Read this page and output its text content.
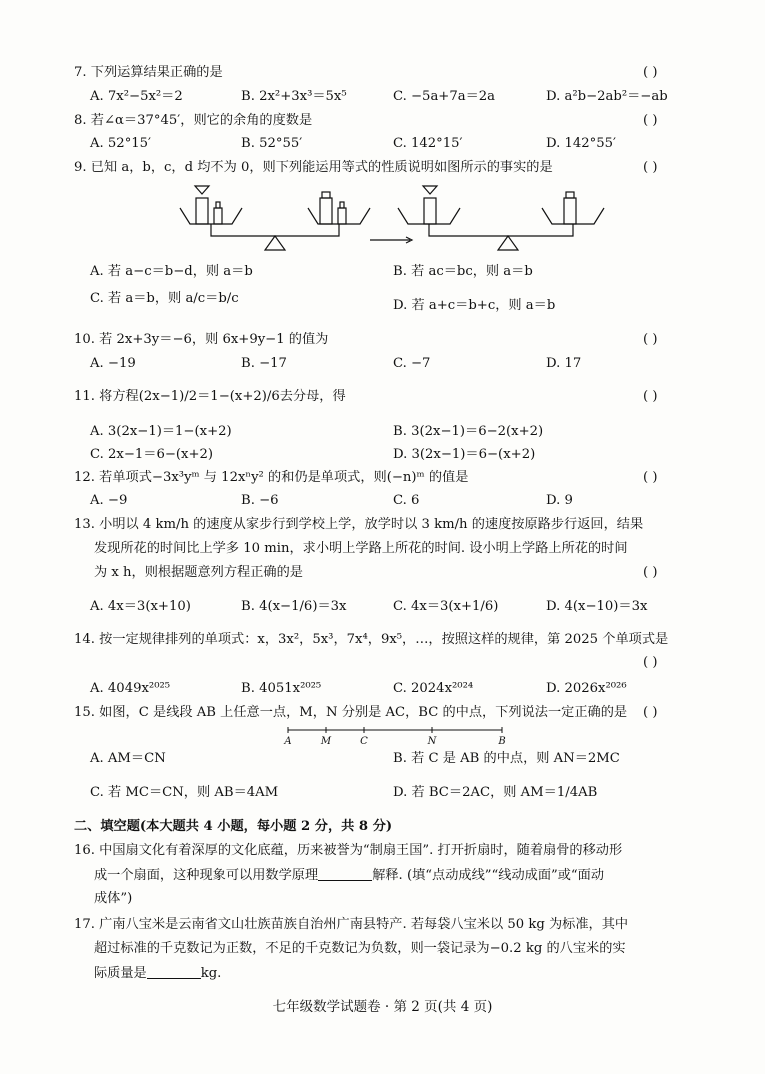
7. 下列运算结果正确的是	( )
A. 7x²−5x²＝2	B. 2x²+3x³＝5x⁵	C. −5a+7a＝2a	D. a²b−2ab²＝−ab
8. 若∠α＝37°45′，则它的余角的度数是	( )
A. 52°15′	B. 52°55′	C. 142°15′	D. 142°55′
9. 已知 a，b，c，d 均不为 0，则下列能运用等式的性质说明如图所示的事实的是	( )
A. 若 a−c＝b−d，则 a＝b	B. 若 ac＝bc，则 a＝b
C. 若 a＝b，则 a/c＝b/c	D. 若 a+c＝b+c，则 a＝b
10. 若 2x+3y＝−6，则 6x+9y−1 的值为	( )
A. −19	B. −17	C. −7	D. 17
11. 将方程(2x−1)/2＝1−(x+2)/6去分母，得	( )
A. 3(2x−1)＝1−(x+2)	B. 3(2x−1)＝6−2(x+2)
C. 2x−1＝6−(x+2)	D. 3(2x−1)＝6−(x+2)
12. 若单项式−3x³yᵐ 与 12xⁿy² 的和仍是单项式，则(−n)ᵐ 的值是	( )
A. −9	B. −6	C. 6	D. 9
13. 小明以 4 km/h 的速度从家步行到学校上学，放学时以 3 km/h 的速度按原路步行返回，结果
发现所花的时间比上学多 10 min，求小明上学路上所花的时间. 设小明上学路上所花的时间
为 x h，则根据题意列方程正确的是	( )
A. 4x＝3(x+10)	B. 4(x−1/6)＝3x	C. 4x＝3(x+1/6)	D. 4(x−10)＝3x
14. 按一定规律排列的单项式：x，3x²，5x³，7x⁴，9x⁵，…，按照这样的规律，第 2025 个单项式是
( )
A. 4049x²⁰²⁵	B. 4051x²⁰²⁵	C. 2024x²⁰²⁴	D. 2026x²⁰²⁶
15. 如图，C 是线段 AB 上任意一点，M，N 分别是 AC，BC 的中点，下列说法一定正确的是 ( )
A	M	C	N	B
A. AM＝CN	B. 若 C 是 AB 的中点，则 AN＝2MC
C. 若 MC＝CN，则 AB＝4AM	D. 若 BC＝2AC，则 AM＝1/4AB
二、填空题(本大题共 4 小题，每小题 2 分，共 8 分)
16. 中国扇文化有着深厚的文化底蕴，历来被誉为“制扇王国”. 打开折扇时，随着扇骨的移动形
成一个扇面，这种现象可以用数学原理	解释. (填“点动成线”“线动成面”或“面动
成体”)
17. 广南八宝米是云南省文山壮族苗族自治州广南县特产. 若每袋八宝米以 50 kg 为标准，其中
超过标准的千克数记为正数，不足的千克数记为负数，则一袋记录为−0.2 kg 的八宝米的实
际质量是	kg.
七年级数学试题卷 · 第 2 页(共 4 页)
